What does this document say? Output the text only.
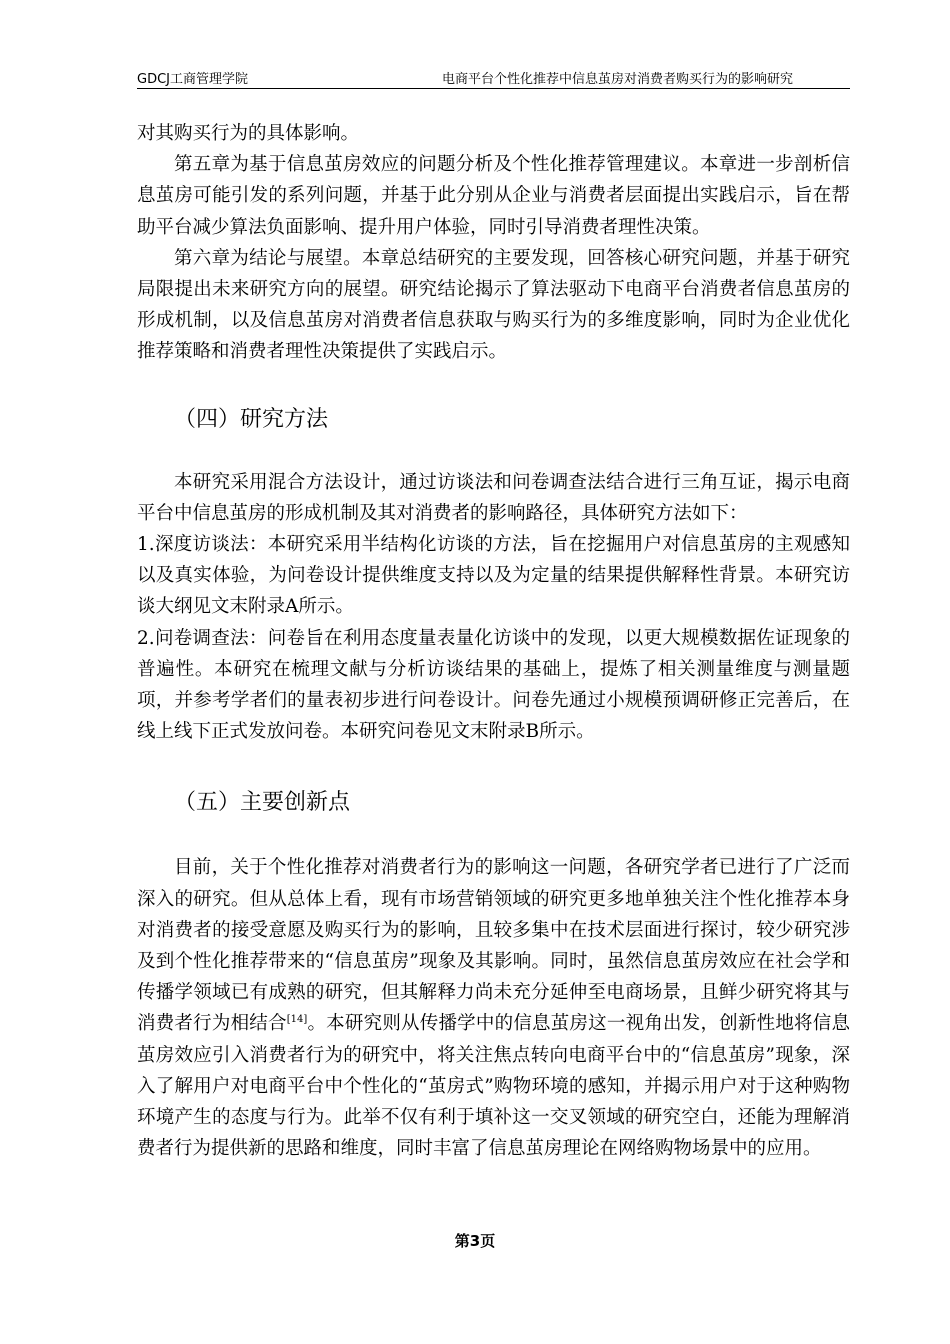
GDCJ工商管理学院	电商平台个性化推荐中信息茧房对消费者购买行为的影响研究

对其购买行为的具体影响。

第五章为基于信息茧房效应的问题分析及个性化推荐管理建议。本章进一步剖析信息茧房可能引发的系列问题，并基于此分别从企业与消费者层面提出实践启示，旨在帮助平台减少算法负面影响、提升用户体验，同时引导消费者理性决策。

第六章为结论与展望。本章总结研究的主要发现，回答核心研究问题，并基于研究局限提出未来研究方向的展望。研究结论揭示了算法驱动下电商平台消费者信息茧房的形成机制，以及信息茧房对消费者信息获取与购买行为的多维度影响，同时为企业优化推荐策略和消费者理性决策提供了实践启示。

（四）研究方法

本研究采用混合方法设计，通过访谈法和问卷调查法结合进行三角互证，揭示电商平台中信息茧房的形成机制及其对消费者的影响路径，具体研究方法如下：

1.深度访谈法：本研究采用半结构化访谈的方法，旨在挖掘用户对信息茧房的主观感知以及真实体验，为问卷设计提供维度支持以及为定量的结果提供解释性背景。本研究访谈大纲见文末附录A所示。

2.问卷调查法：问卷旨在利用态度量表量化访谈中的发现，以更大规模数据佐证现象的普遍性。本研究在梳理文献与分析访谈结果的基础上，提炼了相关测量维度与测量题项，并参考学者们的量表初步进行问卷设计。问卷先通过小规模预调研修正完善后，在线上线下正式发放问卷。本研究问卷见文末附录B所示。

（五）主要创新点

目前，关于个性化推荐对消费者行为的影响这一问题，各研究学者已进行了广泛而深入的研究。但从总体上看，现有市场营销领域的研究更多地单独关注个性化推荐本身对消费者的接受意愿及购买行为的影响，且较多集中在技术层面进行探讨，较少研究涉及到个性化推荐带来的“信息茧房”现象及其影响。同时，虽然信息茧房效应在社会学和传播学领域已有成熟的研究，但其解释力尚未充分延伸至电商场景，且鲜少研究将其与消费者行为相结合[14]。本研究则从传播学中的信息茧房这一视角出发，创新性地将信息茧房效应引入消费者行为的研究中，将关注焦点转向电商平台中的“信息茧房”现象，深入了解用户对电商平台中个性化的“茧房式”购物环境的感知，并揭示用户对于这种购物环境产生的态度与行为。此举不仅有利于填补这一交叉领域的研究空白，还能为理解消费者行为提供新的思路和维度，同时丰富了信息茧房理论在网络购物场景中的应用。

第3页
